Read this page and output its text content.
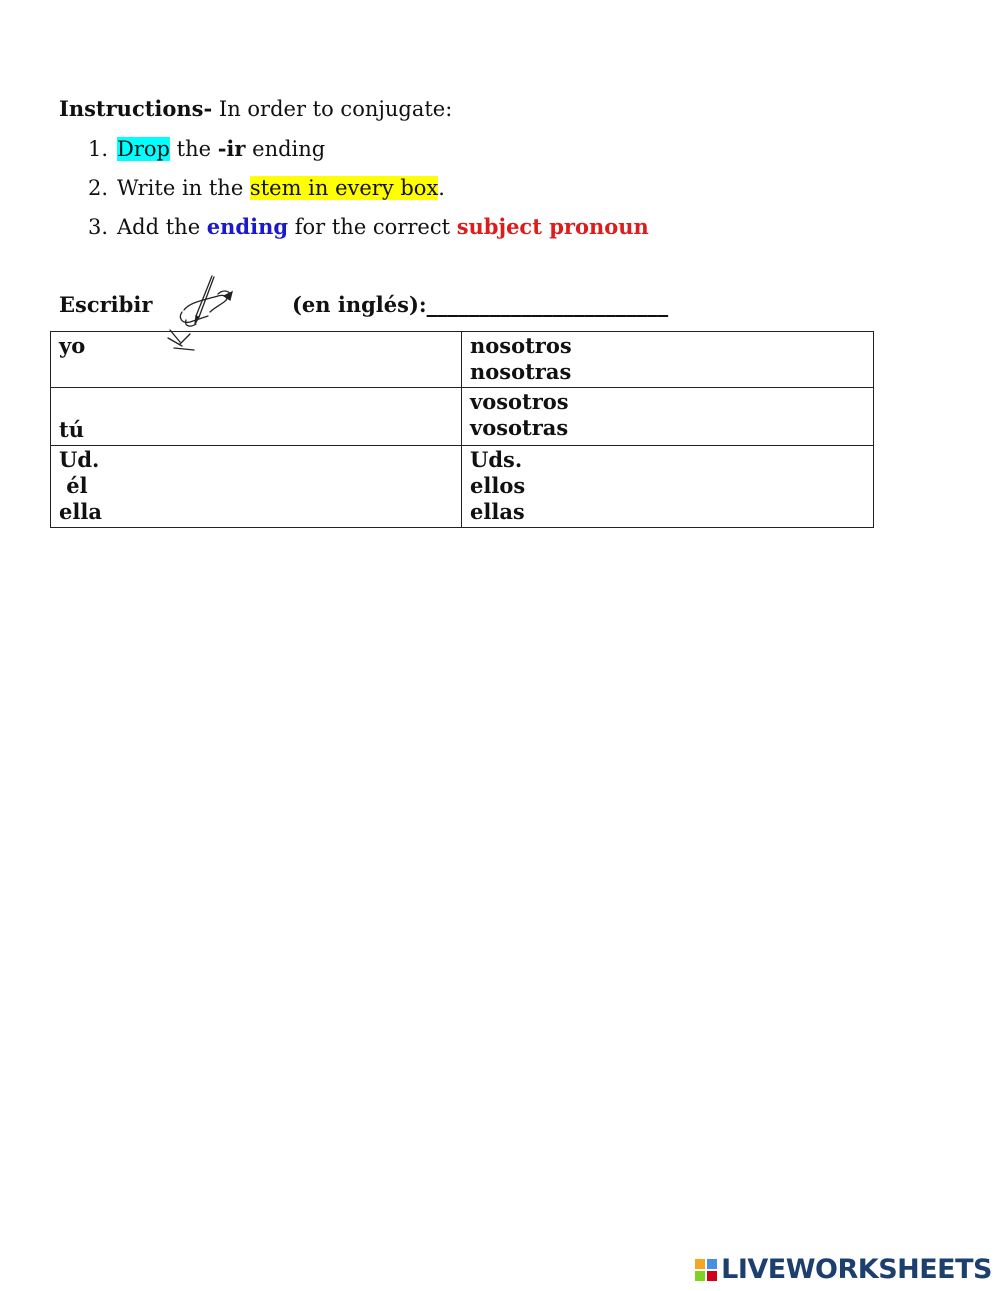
Instructions- In order to conjugate:
1. Drop the -ir ending
2. Write in the stem in every box.
3. Add the ending for the correct subject pronoun
Escribir	(en inglés):_______________________
yo	nosotros
nosotras

tú	vosotros
vosotras

Ud.
él
ella	Uds.
ellos
ellas
LIVEWORKSHEETS
